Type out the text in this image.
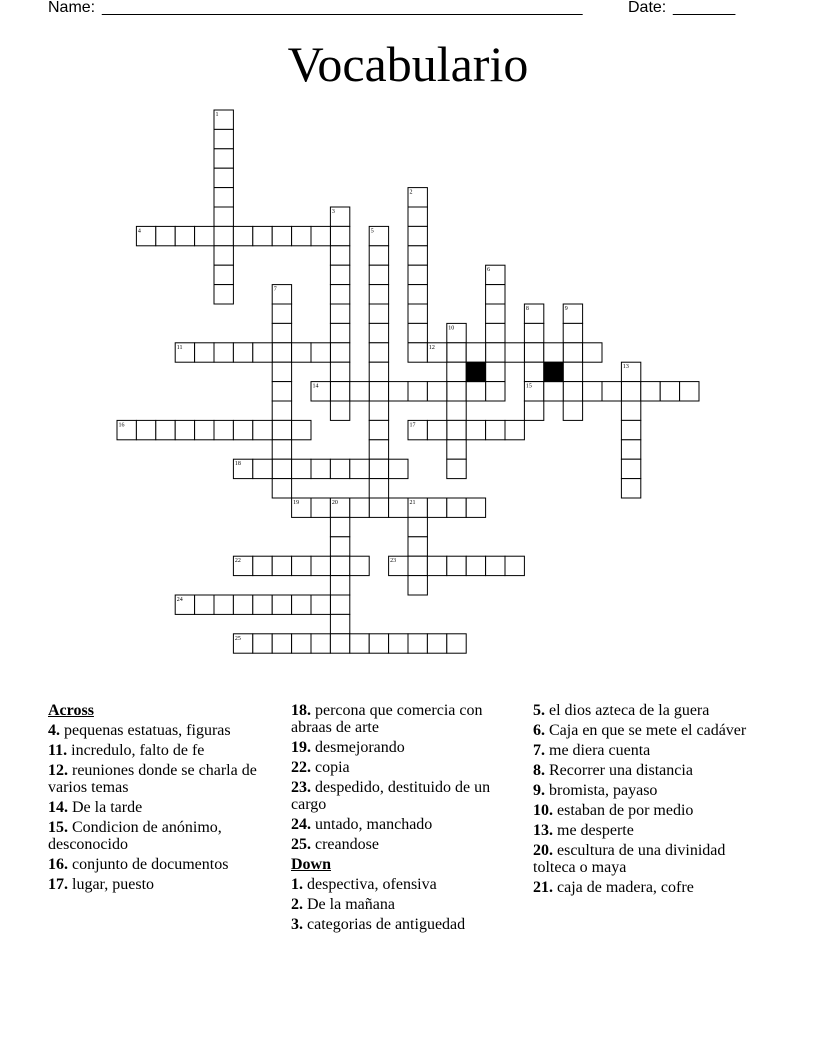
Name: ______________________________________________________	Date: _______
Vocabulario
1
2
3
4	5
6
7
8	9
10
11	12
13
14	15
16	17
18
19	20	21
22	23
24
25
Across
4. pequenas estatuas, figuras
11. incredulo, falto de fe
12. reuniones donde se charla de varios temas
14. De la tarde
15. Condicion de anónimo, desconocido
16. conjunto de documentos
17. lugar, puesto
18. percona que comercia con abraas de arte
19. desmejorando
22. copia
23. despedido, destituido de un cargo
24. untado, manchado
25. creandose
Down
1. despectiva, ofensiva
2. De la mañana
3. categorias de antiguedad
5. el dios azteca de la guera
6. Caja en que se mete el cadáver
7. me diera cuenta
8. Recorrer una distancia
9. bromista, payaso
10. estaban de por medio
13. me desperte
20. escultura de una divinidad tolteca o maya
21. caja de madera, cofre
